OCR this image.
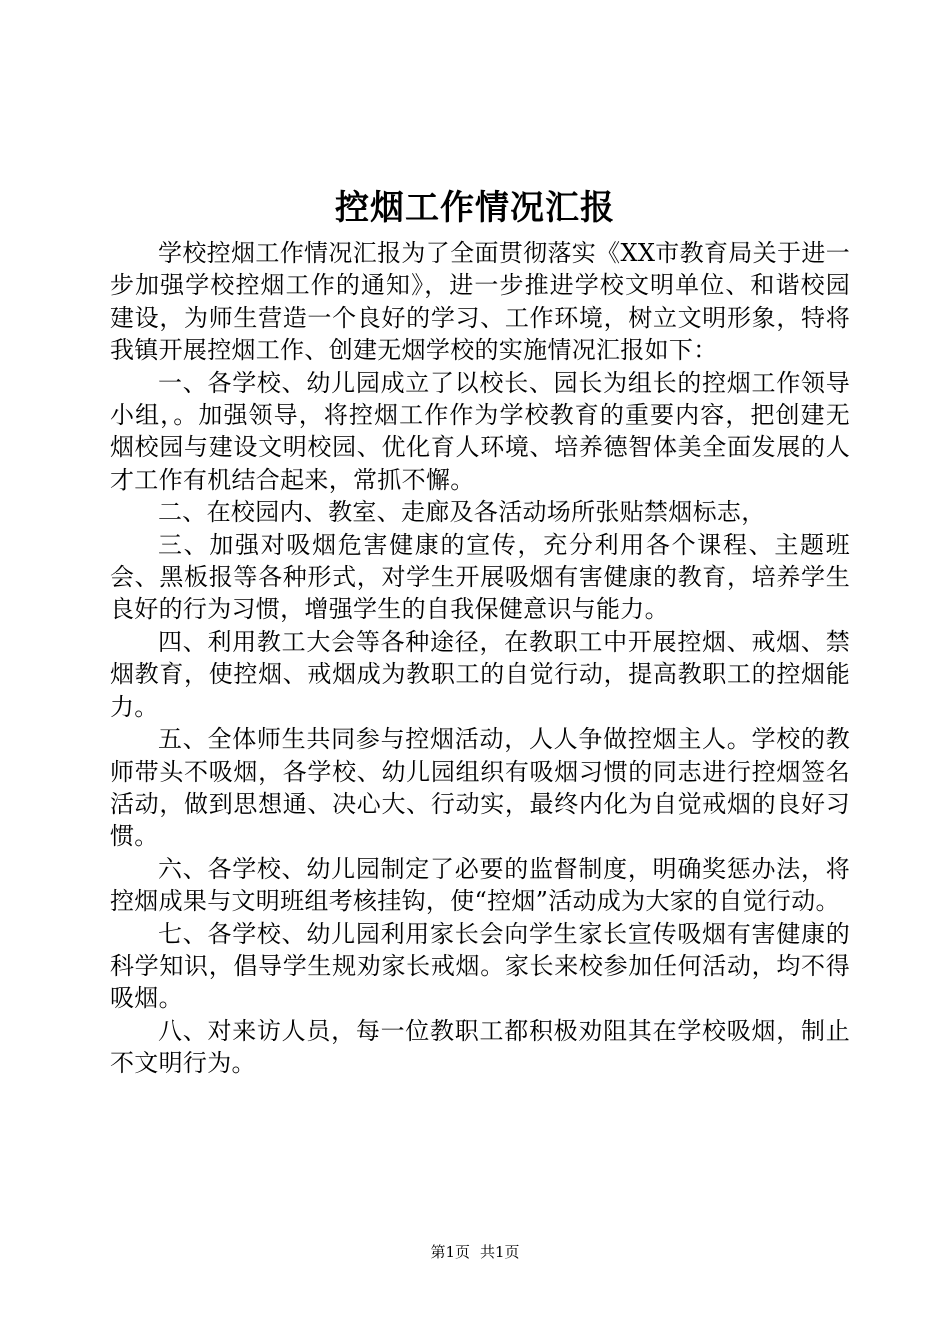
控烟工作情况汇报

学校控烟工作情况汇报为了全面贯彻落实《XX市教育局关于进一步加强学校控烟工作的通知》，进一步推进学校文明单位、和谐校园建设，为师生营造一个良好的学习、工作环境，树立文明形象，特将我镇开展控烟工作、创建无烟学校的实施情况汇报如下：

一、各学校、幼儿园成立了以校长、园长为组长的控烟工作领导小组，。加强领导，将控烟工作作为学校教育的重要内容，把创建无烟校园与建设文明校园、优化育人环境、培养德智体美全面发展的人才工作有机结合起来，常抓不懈。

二、在校园内、教室、走廊及各活动场所张贴禁烟标志，

三、加强对吸烟危害健康的宣传，充分利用各个课程、主题班会、黑板报等各种形式，对学生开展吸烟有害健康的教育，培养学生良好的行为习惯，增强学生的自我保健意识与能力。

四、利用教工大会等各种途径，在教职工中开展控烟、戒烟、禁烟教育，使控烟、戒烟成为教职工的自觉行动，提高教职工的控烟能力。

五、全体师生共同参与控烟活动，人人争做控烟主人。学校的教师带头不吸烟，各学校、幼儿园组织有吸烟习惯的同志进行控烟签名活动，做到思想通、决心大、行动实，最终内化为自觉戒烟的良好习惯。

六、各学校、幼儿园制定了必要的监督制度，明确奖惩办法，将控烟成果与文明班组考核挂钩，使“控烟”活动成为大家的自觉行动。

七、各学校、幼儿园利用家长会向学生家长宣传吸烟有害健康的科学知识，倡导学生规劝家长戒烟。家长来校参加任何活动，均不得吸烟。

八、对来访人员，每一位教职工都积极劝阻其在学校吸烟，制止不文明行为。

第1页 共1页
